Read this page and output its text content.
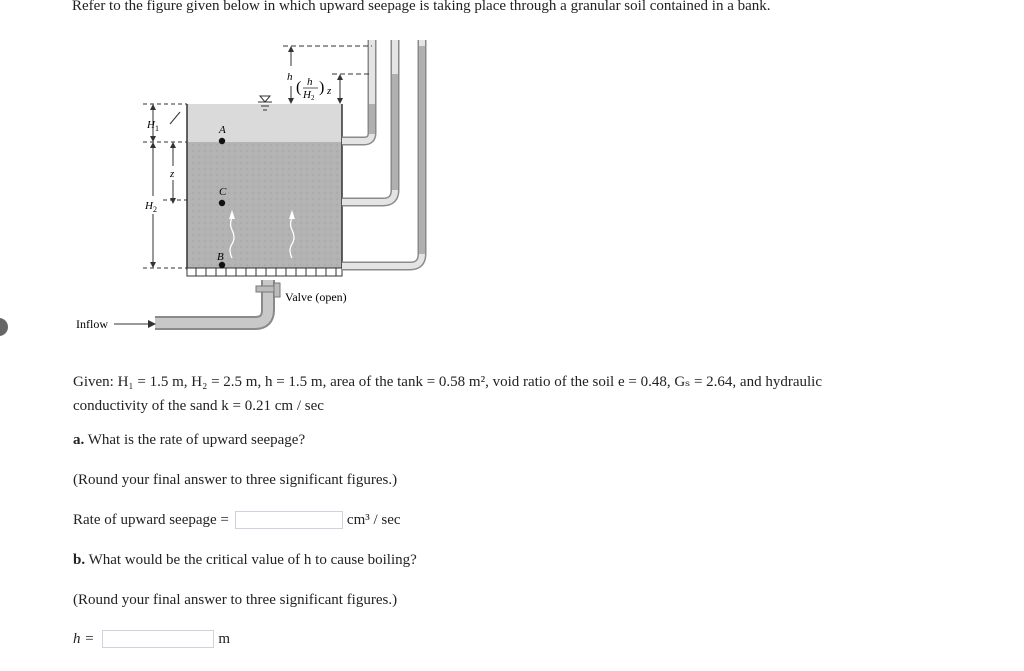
Refer to the figure given below in which upward seepage is taking place through a granular soil contained in a bank.
A
C
B
H 1
H 2
z
h
( h
H 2
) z
Valve (open)
Inflow
Given: H₁ = 1.5 m, H₂ = 2.5 m, h = 1.5 m, area of the tank = 0.58 m², void ratio of the soil e = 0.48, Gₛ = 2.64, and hydraulic
conductivity of the sand k = 0.21 cm / sec
a. What is the rate of upward seepage?
(Round your final answer to three significant figures.)
Rate of upward seepage =	cm³ / sec
b. What would be the critical value of h to cause boiling?
(Round your final answer to three significant figures.)
h =	m
